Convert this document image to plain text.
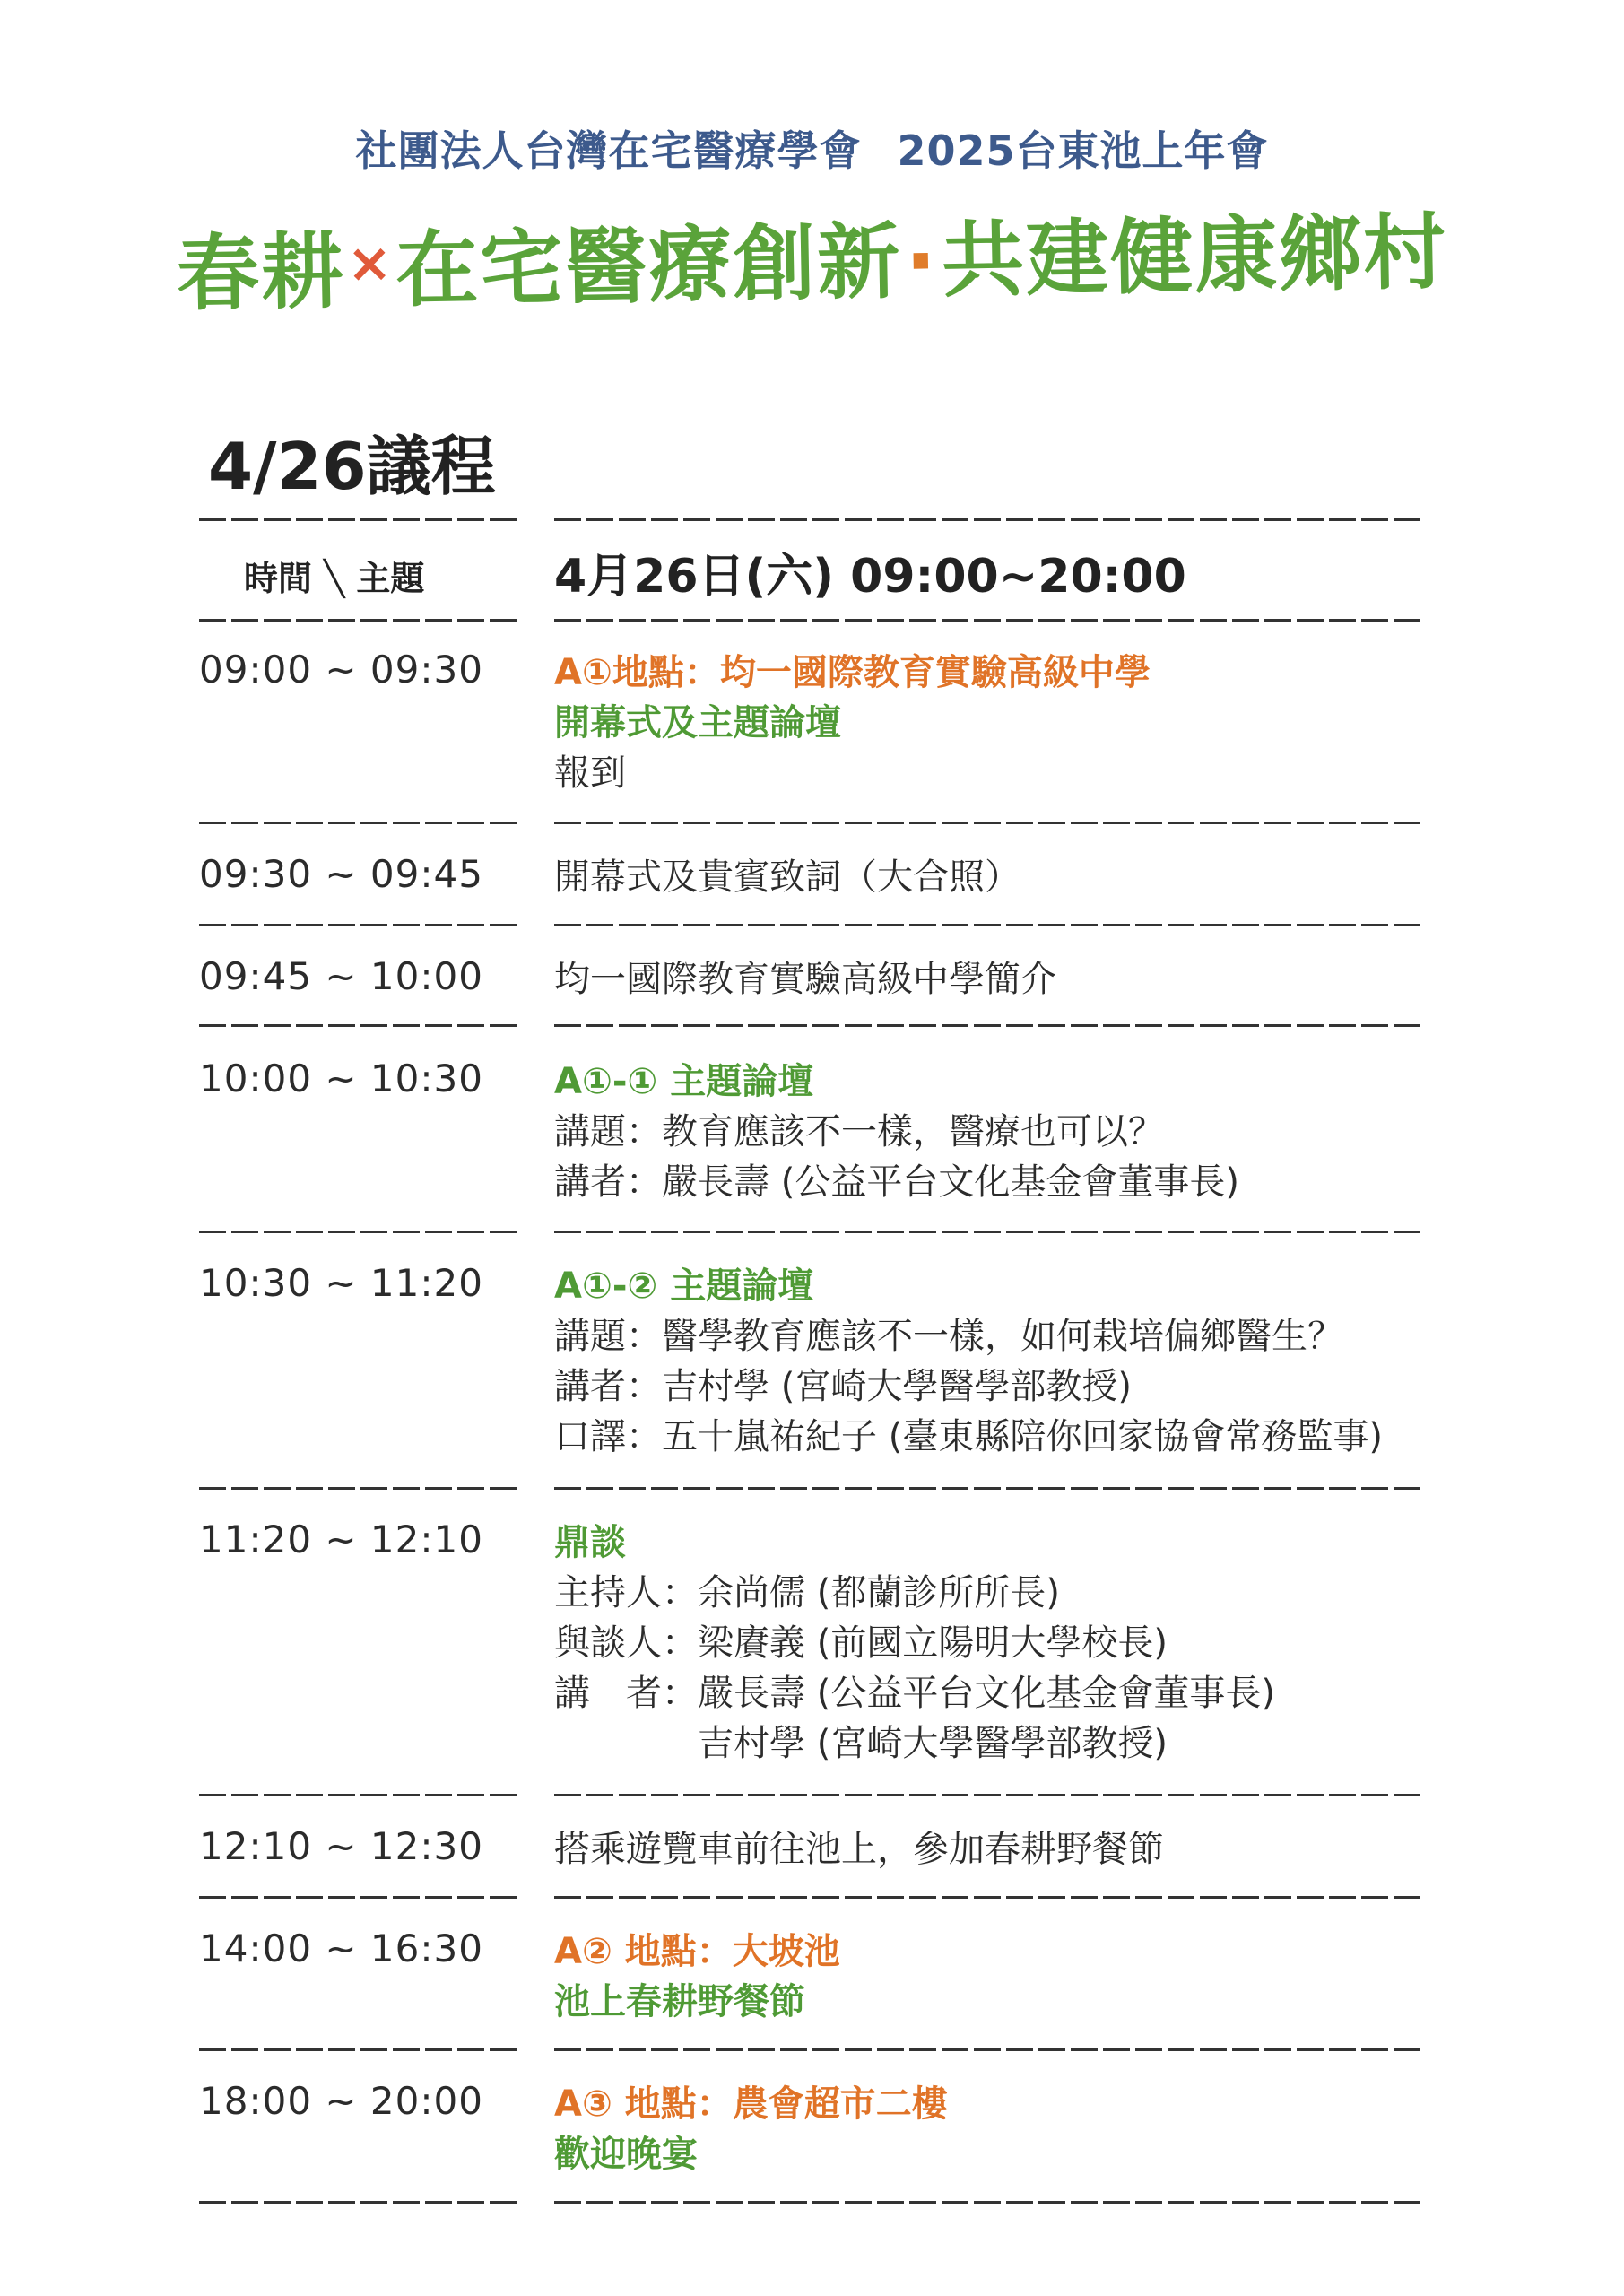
社團法人台灣在宅醫療學會 2025台東池上年會
春耕×在宅醫療創新·共建健康鄉村
4/26議程
時間 ╲ 主題	4月26日(六) 09:00~20:00
09:00 ~ 09:30 A①地點：均一國際教育實驗高級中學
開幕式及主題論壇
報到
09:30 ~ 09:45 開幕式及貴賓致詞（大合照）
09:45 ~ 10:00 均一國際教育實驗高級中學簡介
10:00 ~ 10:30 A①-① 主題論壇
講題：教育應該不一樣，醫療也可以？
講者：嚴長壽 (公益平台文化基金會董事長)
10:30 ~ 11:20 A①-② 主題論壇
講題：醫學教育應該不一樣，如何栽培偏鄉醫生？
講者：吉村學 (宮崎大學醫學部教授)
口譯：五十嵐祐紀子 (臺東縣陪你回家協會常務監事)
11:20 ~ 12:10 鼎談
主持人：余尚儒 (都蘭診所所長)
與談人：梁賡義 (前國立陽明大學校長)
講　者：嚴長壽 (公益平台文化基金會董事長)
吉村學 (宮崎大學醫學部教授)
12:10 ~ 12:30 搭乘遊覽車前往池上，參加春耕野餐節
14:00 ~ 16:30 A② 地點：大坡池
池上春耕野餐節
18:00 ~ 20:00 A③ 地點：農會超市二樓
歡迎晚宴
